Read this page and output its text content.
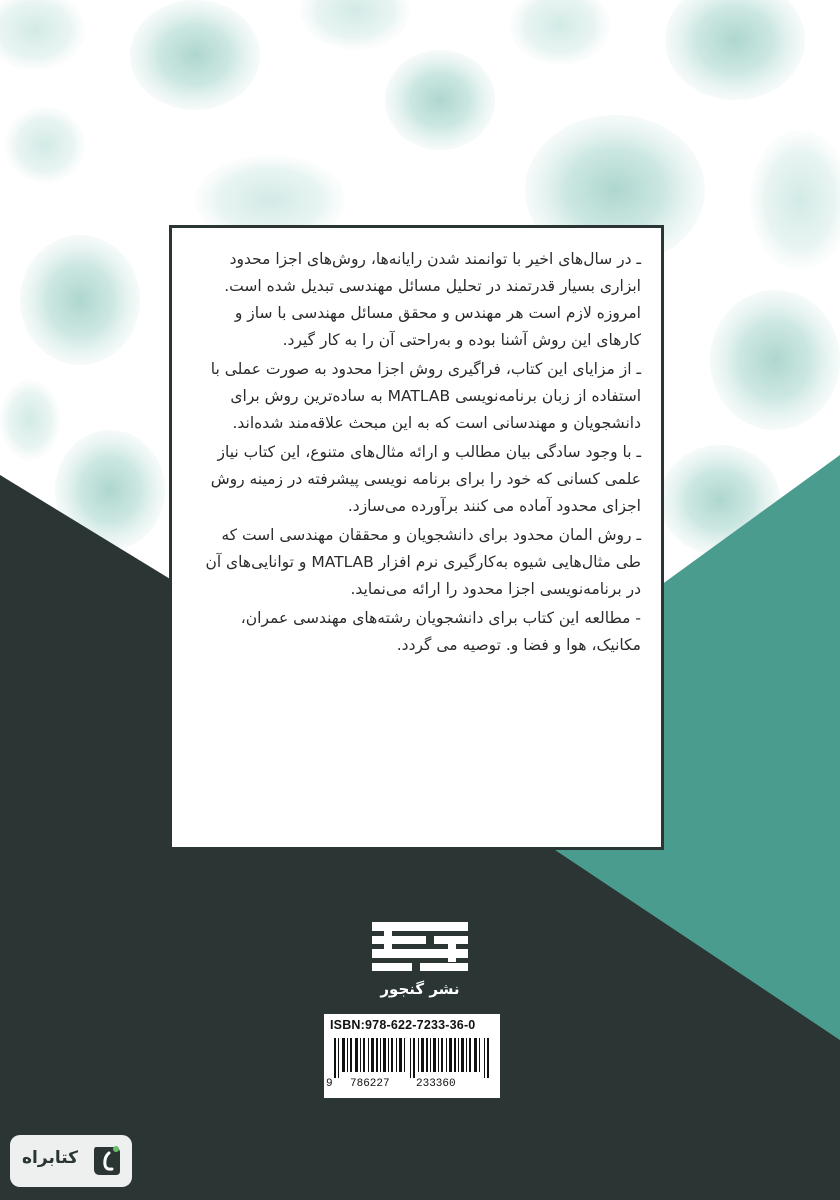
ـ در سال‌های اخیر با توانمند شدن رایانه‌ها، روش‌های اجزا محدود ابزاری بسیار قدرتمند در تحلیل مسائل مهندسی تبدیل شده است. امروزه لازم است هر مهندس و محقق مسائل مهندسی با ساز و کارهای این روش آشنا بوده و به‌راحتی آن را به کار گیرد.

ـ از مزایای این کتاب، فراگیری روش اجزا محدود به صورت عملی با استفاده از زبان برنامه‌نویسی MATLAB به ساده‌ترین روش برای دانشجویان و مهندسانی است که به این مبحث علاقه‌مند شده‌اند.

ـ با وجود سادگی بیان مطالب و ارائه مثال‌های متنوع، این کتاب نیاز علمی کسانی که خود را برای برنامه نویسی پیشرفته در زمینه روش اجزای محدود آماده می کنند برآورده می‌سازد.

ـ روش المان محدود برای دانشجویان و محققان مهندسی است که طی مثال‌هایی شیوه به‌کارگیری نرم افزار MATLAB و توانایی‌های آن در برنامه‌نویسی اجزا محدود را ارائه می‌نماید.

- مطالعه این کتاب برای دانشجویان رشته‌های مهندسی عمران، مکانیک، هوا و فضا و. توصیه می گردد.

نشر گنجور
ISBN:978-622-7233-36-0
9 786227 233360
کتابراه
